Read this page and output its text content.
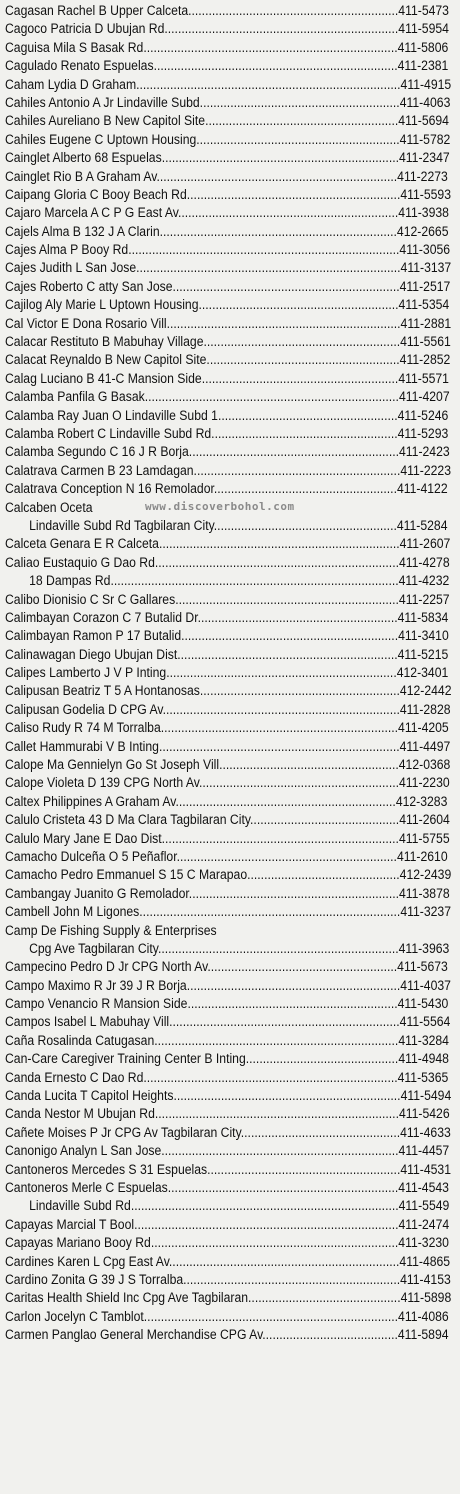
Cagasan Rachel B Upper Calceta..............................................................411-5473
Cagoco Patricia D Ubujan Rd.....................................................................411-5954
Caguisa Mila S Basak Rd...........................................................................411-5806
Cagulado Renato Espuelas........................................................................411-2381
Caham Lydia D Graham..............................................................................411-4915
Cahiles Antonio A Jr Lindaville Subd...........................................................411-4063
Cahiles Aureliano B New Capitol Site.........................................................411-5694
Cahiles Eugene C Uptown Housing............................................................411-5782
Cainglet Alberto 68 Espuelas......................................................................411-2347
Cainglet Rio B A Graham Av.......................................................................411-2273
Caipang Gloria C Booy Beach Rd...............................................................411-5593
Cajaro Marcela A C P G East Av.................................................................411-3938
Cajels Alma B 132 J A Clarin......................................................................412-2665
Cajes Alma P Booy Rd................................................................................411-3056
Cajes Judith L San Jose..............................................................................411-3137
Cajes Roberto C atty San Jose...................................................................411-2517
Cajilog Aly Marie L Uptown Housing...........................................................411-5354
Cal Victor E Dona Rosario Vill.....................................................................411-2881
Calacar Restituto B Mabuhay Village..........................................................411-5561
Calacat Reynaldo B New Capitol Site.........................................................411-2852
Calag Luciano B 41-C Mansion Side..........................................................411-5571
Calamba Panfila G Basak...........................................................................411-4207
Calamba Ray Juan O Lindaville Subd 1.....................................................411-5246
Calamba Robert C Lindaville Subd Rd.......................................................411-5293
Calamba Segundo C 16 J R Borja..............................................................411-2423
Calatrava Carmen B 23 Lamdagan.............................................................411-2223
Calatrava Conception N 16 Remolador......................................................411-4122
Calcaben Oceta
Lindaville Subd Rd Tagbilaran City......................................................411-5284
Calceta Genara E R Calceta.......................................................................411-2607
Caliao Eustaquio G Dao Rd........................................................................411-4278
18 Dampas Rd.....................................................................................411-4232
Calibo Dionisio C Sr C Gallares..................................................................411-2257
Calimbayan Corazon C 7 Butalid Dr...........................................................411-5834
Calimbayan Ramon P 17 Butalid................................................................411-3410
Calinawagan Diego Ubujan Dist.................................................................411-5215
Calipes Lamberto J V P Inting....................................................................412-3401
Calipusan Beatriz T 5 A Hontanosas...........................................................412-2442
Calipusan Godelia D CPG Av......................................................................411-2828
Caliso Rudy R 74 M Torralba......................................................................411-4205
Callet Hammurabi V B Inting.......................................................................411-4497
Calope Ma Gennielyn Go St Joseph Vill.....................................................412-0368
Calope Violeta D 139 CPG North Av...........................................................411-2230
Caltex Philippines A Graham Av.................................................................412-3283
Calulo Cristeta 43 D Ma Clara Tagbilaran City............................................411-2604
Calulo Mary Jane E Dao Dist......................................................................411-5755
Camacho Dulceña O 5 Peñaflor.................................................................411-2610
Camacho Pedro Emmanuel S 15 C Marapao.............................................412-2439
Cambangay Juanito G Remolador..............................................................411-3878
Cambell John M Ligones.............................................................................411-3237
Camp De Fishing Supply & Enterprises
Cpg Ave Tagbilaran City.......................................................................411-3963
Campecino Pedro D Jr CPG North Av........................................................411-5673
Campo Maximo R Jr 39 J R Borja...............................................................411-4037
Campo Venancio R Mansion Side..............................................................411-5430
Campos Isabel L Mabuhay Vill....................................................................411-5564
Caña Rosalinda Catugasan........................................................................411-3284
Can-Care Caregiver Training Center B Inting.............................................411-4948
Canda Ernesto C Dao Rd...........................................................................411-5365
Canda Lucita T Capitol Heights...................................................................411-5494
Canda Nestor M Ubujan Rd........................................................................411-5426
Cañete Moises P Jr CPG Av Tagbilaran City...............................................411-4633
Canonigo Analyn L San Jose......................................................................411-4457
Cantoneros Mercedes S 31 Espuelas.........................................................411-4531
Cantoneros Merle C Espuelas....................................................................411-4543
Lindaville Subd Rd...............................................................................411-5549
Capayas Marcial T Bool..............................................................................411-2474
Capayas Mariano Booy Rd.........................................................................411-3230
Cardines Karen L Cpg East Av....................................................................411-4865
Cardino Zonita G 39 J S Torralba................................................................411-4153
Caritas Health Shield Inc Cpg Ave Tagbilaran.............................................411-5898
Carlon Jocelyn C Tamblot...........................................................................411-4086
Carmen Panglao General Merchandise CPG Av........................................411-5894
www.discoverbohol.com
